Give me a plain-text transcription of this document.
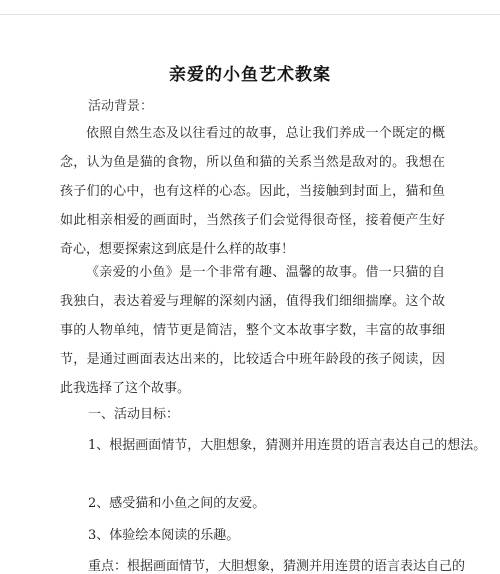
亲爱的小鱼艺术教案
活动背景：
依照自然生态及以往看过的故事，总让我们养成一个既定的概念，认为鱼是猫的食物，所以鱼和猫的关系当然是敌对的。我想在孩子们的心中，也有这样的心态。因此，当接触到封面上，猫和鱼如此相亲相爱的画面时，当然孩子们会觉得很奇怪，接着便产生好奇心，想要探索这到底是什么样的故事！
《亲爱的小鱼》是一个非常有趣、温馨的故事。借一只猫的自我独白，表达着爱与理解的深刻内涵，值得我们细细揣摩。这个故事的人物单纯，情节更是简洁，整个文本故事字数，丰富的故事细节，是通过画面表达出来的，比较适合中班年龄段的孩子阅读，因此我选择了这个故事。
一、活动目标：
1、根据画面情节，大胆想象，猜测并用连贯的语言表达自己的想法。
2、感受猫和小鱼之间的友爱。
3、体验绘本阅读的乐趣。
重点：根据画面情节，大胆想象，猜测并用连贯的语言表达自己的
